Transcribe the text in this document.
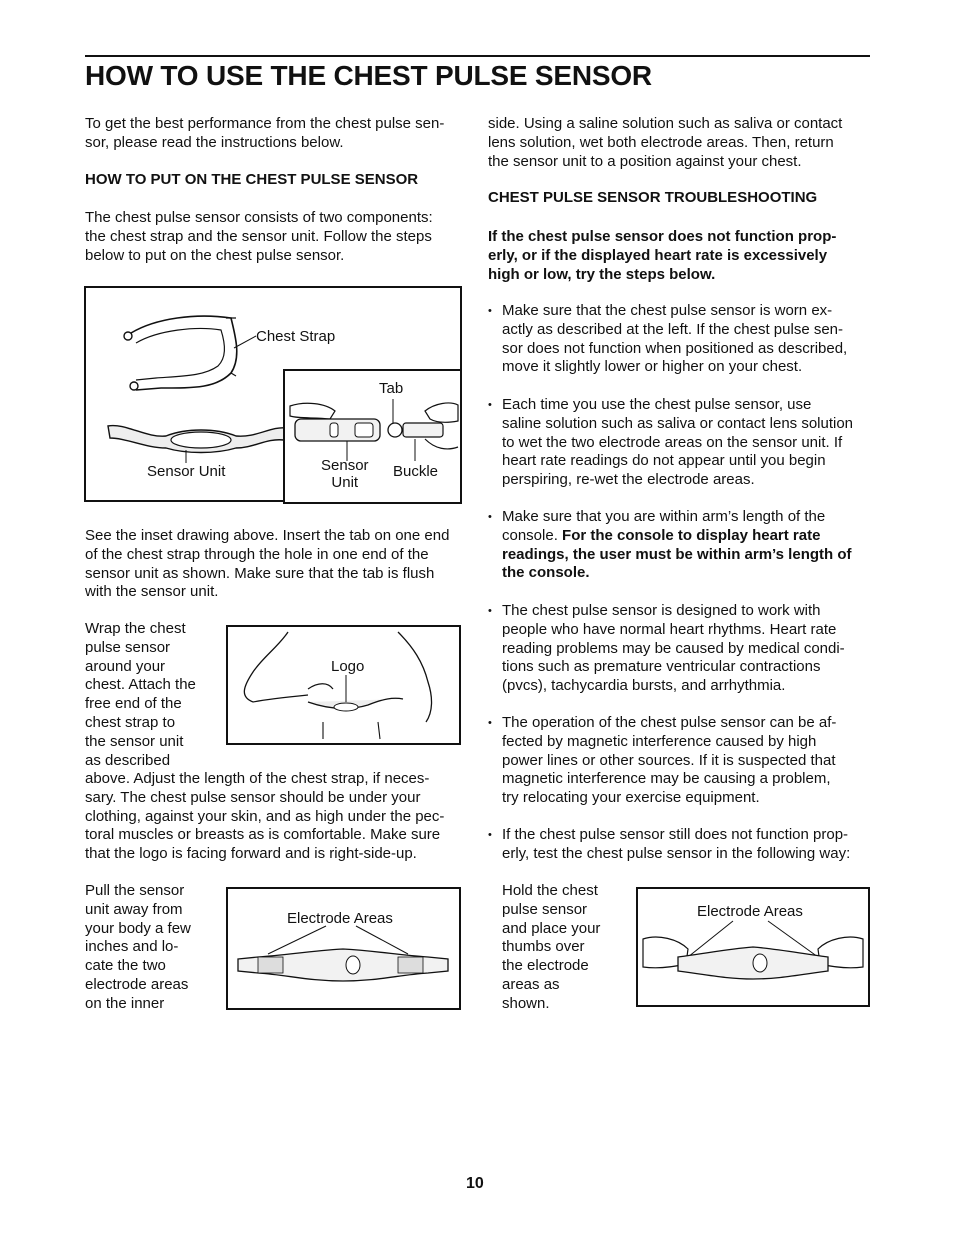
HOW TO USE THE CHEST PULSE SENSOR

To get the best performance from the chest pulse sen-
sor, please read the instructions below.

HOW TO PUT ON THE CHEST PULSE SENSOR

The chest pulse sensor consists of two components:
the chest strap and the sensor unit. Follow the steps
below to put on the chest pulse sensor.

Chest Strap
Sensor Unit
Tab
Sensor
Unit
Buckle

See the inset drawing above. Insert the tab on one end
of the chest strap through the hole in one end of the
sensor unit as shown. Make sure that the tab is flush
with the sensor unit.

Wrap the chest
pulse sensor
around your
chest. Attach the
free end of the
chest strap to
the sensor unit
as described

Logo

above. Adjust the length of the chest strap, if neces-
sary. The chest pulse sensor should be under your
clothing, against your skin, and as high under the pec-
toral muscles or breasts as is comfortable. Make sure
that the logo is facing forward and is right-side-up.

Pull the sensor
unit away from
your body a few
inches and lo-
cate the two
electrode areas
on the inner

Electrode Areas

side. Using a saline solution such as saliva or contact
lens solution, wet both electrode areas. Then, return
the sensor unit to a position against your chest.

CHEST PULSE SENSOR TROUBLESHOOTING

If the chest pulse sensor does not function prop-
erly, or if the displayed heart rate is excessively
high or low, try the steps below.

• Make sure that the chest pulse sensor is worn ex-
actly as described at the left. If the chest pulse sen-
sor does not function when positioned as described,
move it slightly lower or higher on your chest.

• Each time you use the chest pulse sensor, use
saline solution such as saliva or contact lens solution
to wet the two electrode areas on the sensor unit. If
heart rate readings do not appear until you begin
perspiring, re-wet the electrode areas.

• Make sure that you are within arm’s length of the
console. For the console to display heart rate
readings, the user must be within arm’s length of
the console.

• The chest pulse sensor is designed to work with
people who have normal heart rhythms. Heart rate
reading problems may be caused by medical condi-
tions such as premature ventricular contractions
(pvcs), tachycardia bursts, and arrhythmia.

• The operation of the chest pulse sensor can be af-
fected by magnetic interference caused by high
power lines or other sources. If it is suspected that
magnetic interference may be causing a problem,
try relocating your exercise equipment.

• If the chest pulse sensor still does not function prop-
erly, test the chest pulse sensor in the following way:

Hold the chest
pulse sensor
and place your
thumbs over
the electrode
areas as
shown.

Electrode Areas
10
